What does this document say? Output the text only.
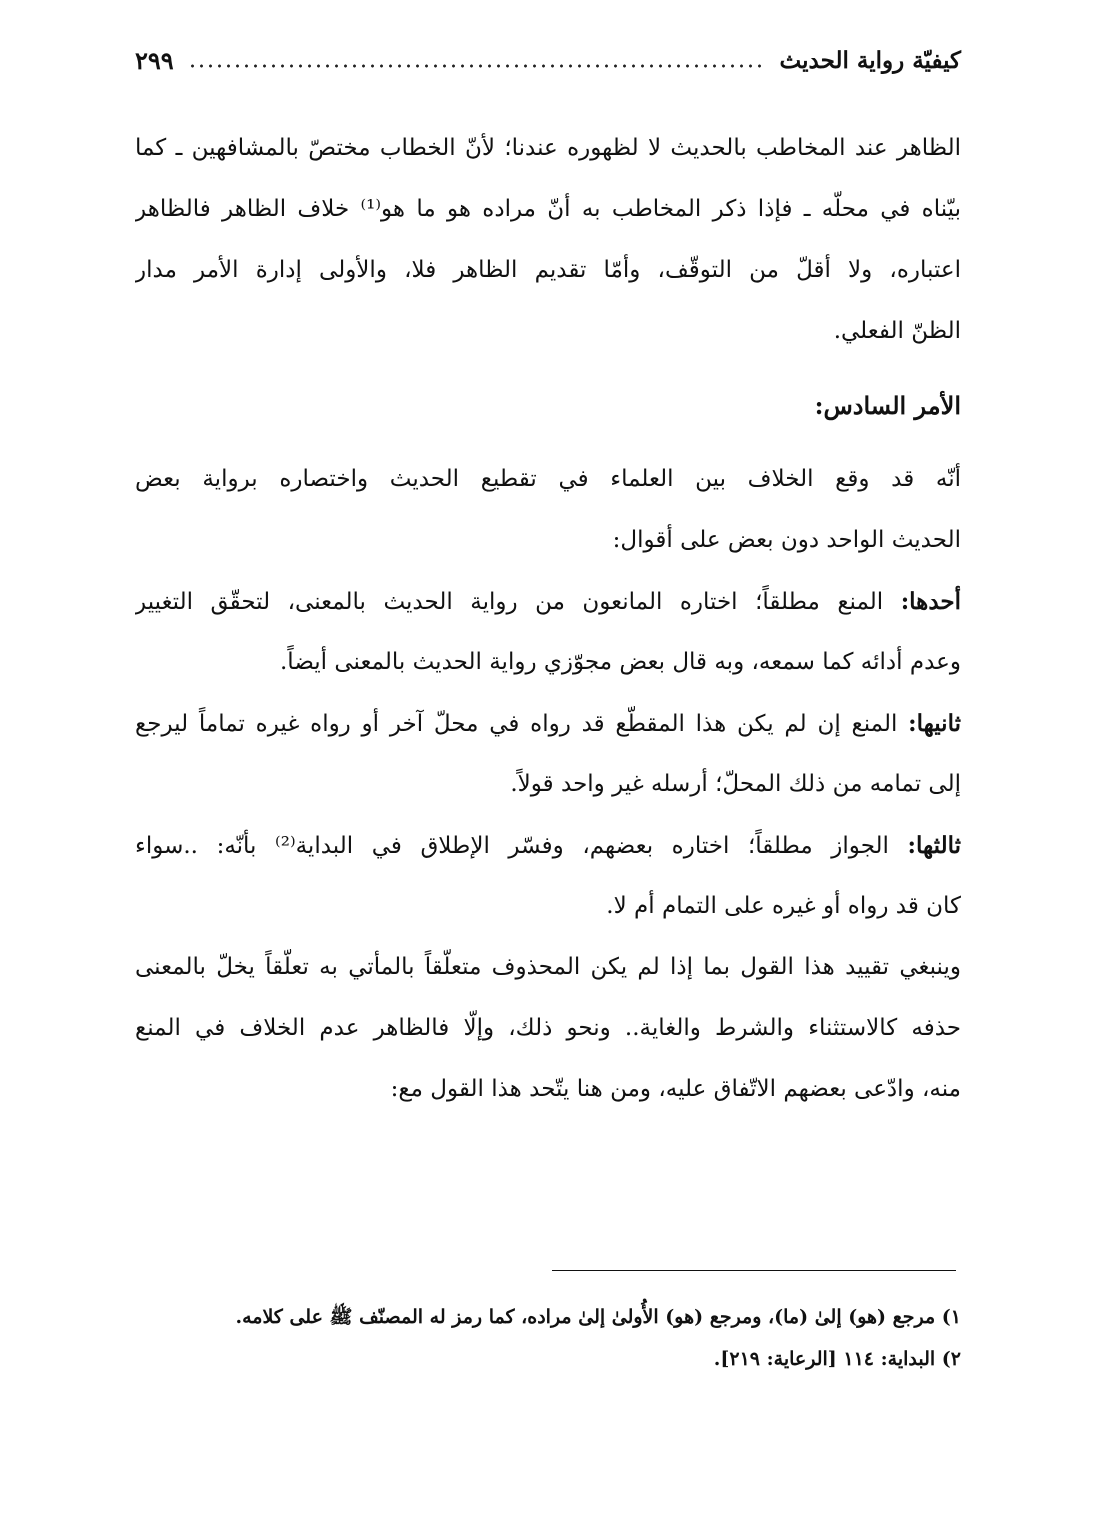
كيفيّة رواية الحديث
٢٩٩
الظاهر عند المخاطب بالحديث لا لظهوره عندنا؛ لأنّ الخطاب مختصّ بالمشافهين ـ كما
بيّناه في محلّه ـ فإذا ذكر المخاطب به أنّ مراده هو ما هو⁽¹⁾ خلاف الظاهر فالظاهر
اعتباره، ولا أقلّ من التوقّف، وأمّا تقديم الظاهر فلا، والأولى إدارة الأمر مدار
الظنّ الفعلي.
الأمر السادس:
أنّه قد وقع الخلاف بين العلماء في تقطيع الحديث واختصاره برواية بعض
الحديث الواحد دون بعض على أقوال:
أحدها: المنع مطلقاً؛ اختاره المانعون من رواية الحديث بالمعنى، لتحقّق التغيير
وعدم أدائه كما سمعه، وبه قال بعض مجوّزي رواية الحديث بالمعنى أيضاً.
ثانيها: المنع إن لم يكن هذا المقطّع قد رواه في محلّ آخر أو رواه غيره تماماً ليرجع
إلى تمامه من ذلك المحلّ؛ أرسله غير واحد قولاً.
ثالثها: الجواز مطلقاً؛ اختاره بعضهم، وفسّر الإطلاق في البداية⁽²⁾ بأنّه: ..سواء
كان قد رواه أو غيره على التمام أم لا.
وينبغي تقييد هذا القول بما إذا لم يكن المحذوف متعلّقاً بالمأتي به تعلّقاً يخلّ بالمعنى
حذفه كالاستثناء والشرط والغاية.. ونحو ذلك، وإلّا فالظاهر عدم الخلاف في المنع
منه، وادّعى بعضهم الاتّفاق عليه، ومن هنا يتّحد هذا القول مع:
١) مرجع (هو) إلىٰ (ما)، ومرجع (هو) الأُولىٰ إلىٰ مراده، كما رمز له المصنّف ﷺ على كلامه.
٢) البداية: ١١٤ [الرعاية: ٢١٩].
